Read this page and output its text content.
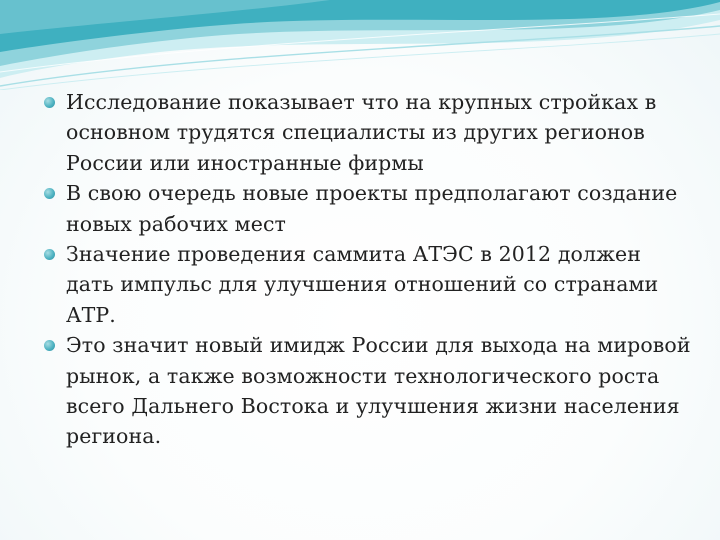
Исследование показывает что на крупных стройках в основном трудятся специалисты из других регионов России или иностранные фирмы
В свою очередь новые проекты предполагают создание новых рабочих мест
Значение проведения саммита АТЭС в 2012 должен дать импульс для улучшения отношений со странами АТР.
Это значит новый имидж России для выхода на мировой рынок, а также возможности технологического роста всего Дальнего Востока и улучшения жизни населения региона.
